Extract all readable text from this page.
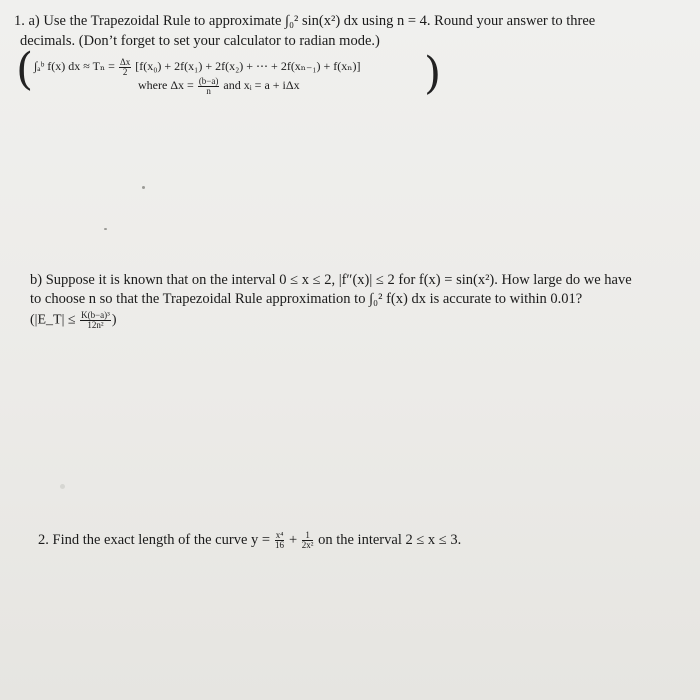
1. a) Use the Trapezoidal Rule to approximate ∫₀² sin(x²) dx using n = 4. Round your answer to three
decimals. (Don’t forget to set your calculator to radian mode.)
( ∫ₐᵇ f(x) dx ≈ $T_n = \frac{\Delta x}{2} [f(x_0) + 2f(x_1) + 2f(x_2)$ + ⋯ + 2f(xₙ₋₁) + f(xₙ)]
where $\Delta x = \frac{(b-a)}{n}$ and xᵢ = a + iΔx	)
b) Suppose it is known that on the interval 0 ≤ x ≤ 2, |f″(x)| ≤ 2 for f(x) = sin(x²). How large do we have
to choose n so that the Trapezoidal Rule approximation to ∫₀² f(x) dx is accurate to within 0.01?
(|E_T| ≤ $\frac{\text{K(b−a)³}}{\text{12n²}}$ )
2. Find the exact length of the curve $y = \frac{\text{x⁴}}{16} + \frac{1}{\text{2x²}}$ on the interval 2 ≤ x ≤ 3.
